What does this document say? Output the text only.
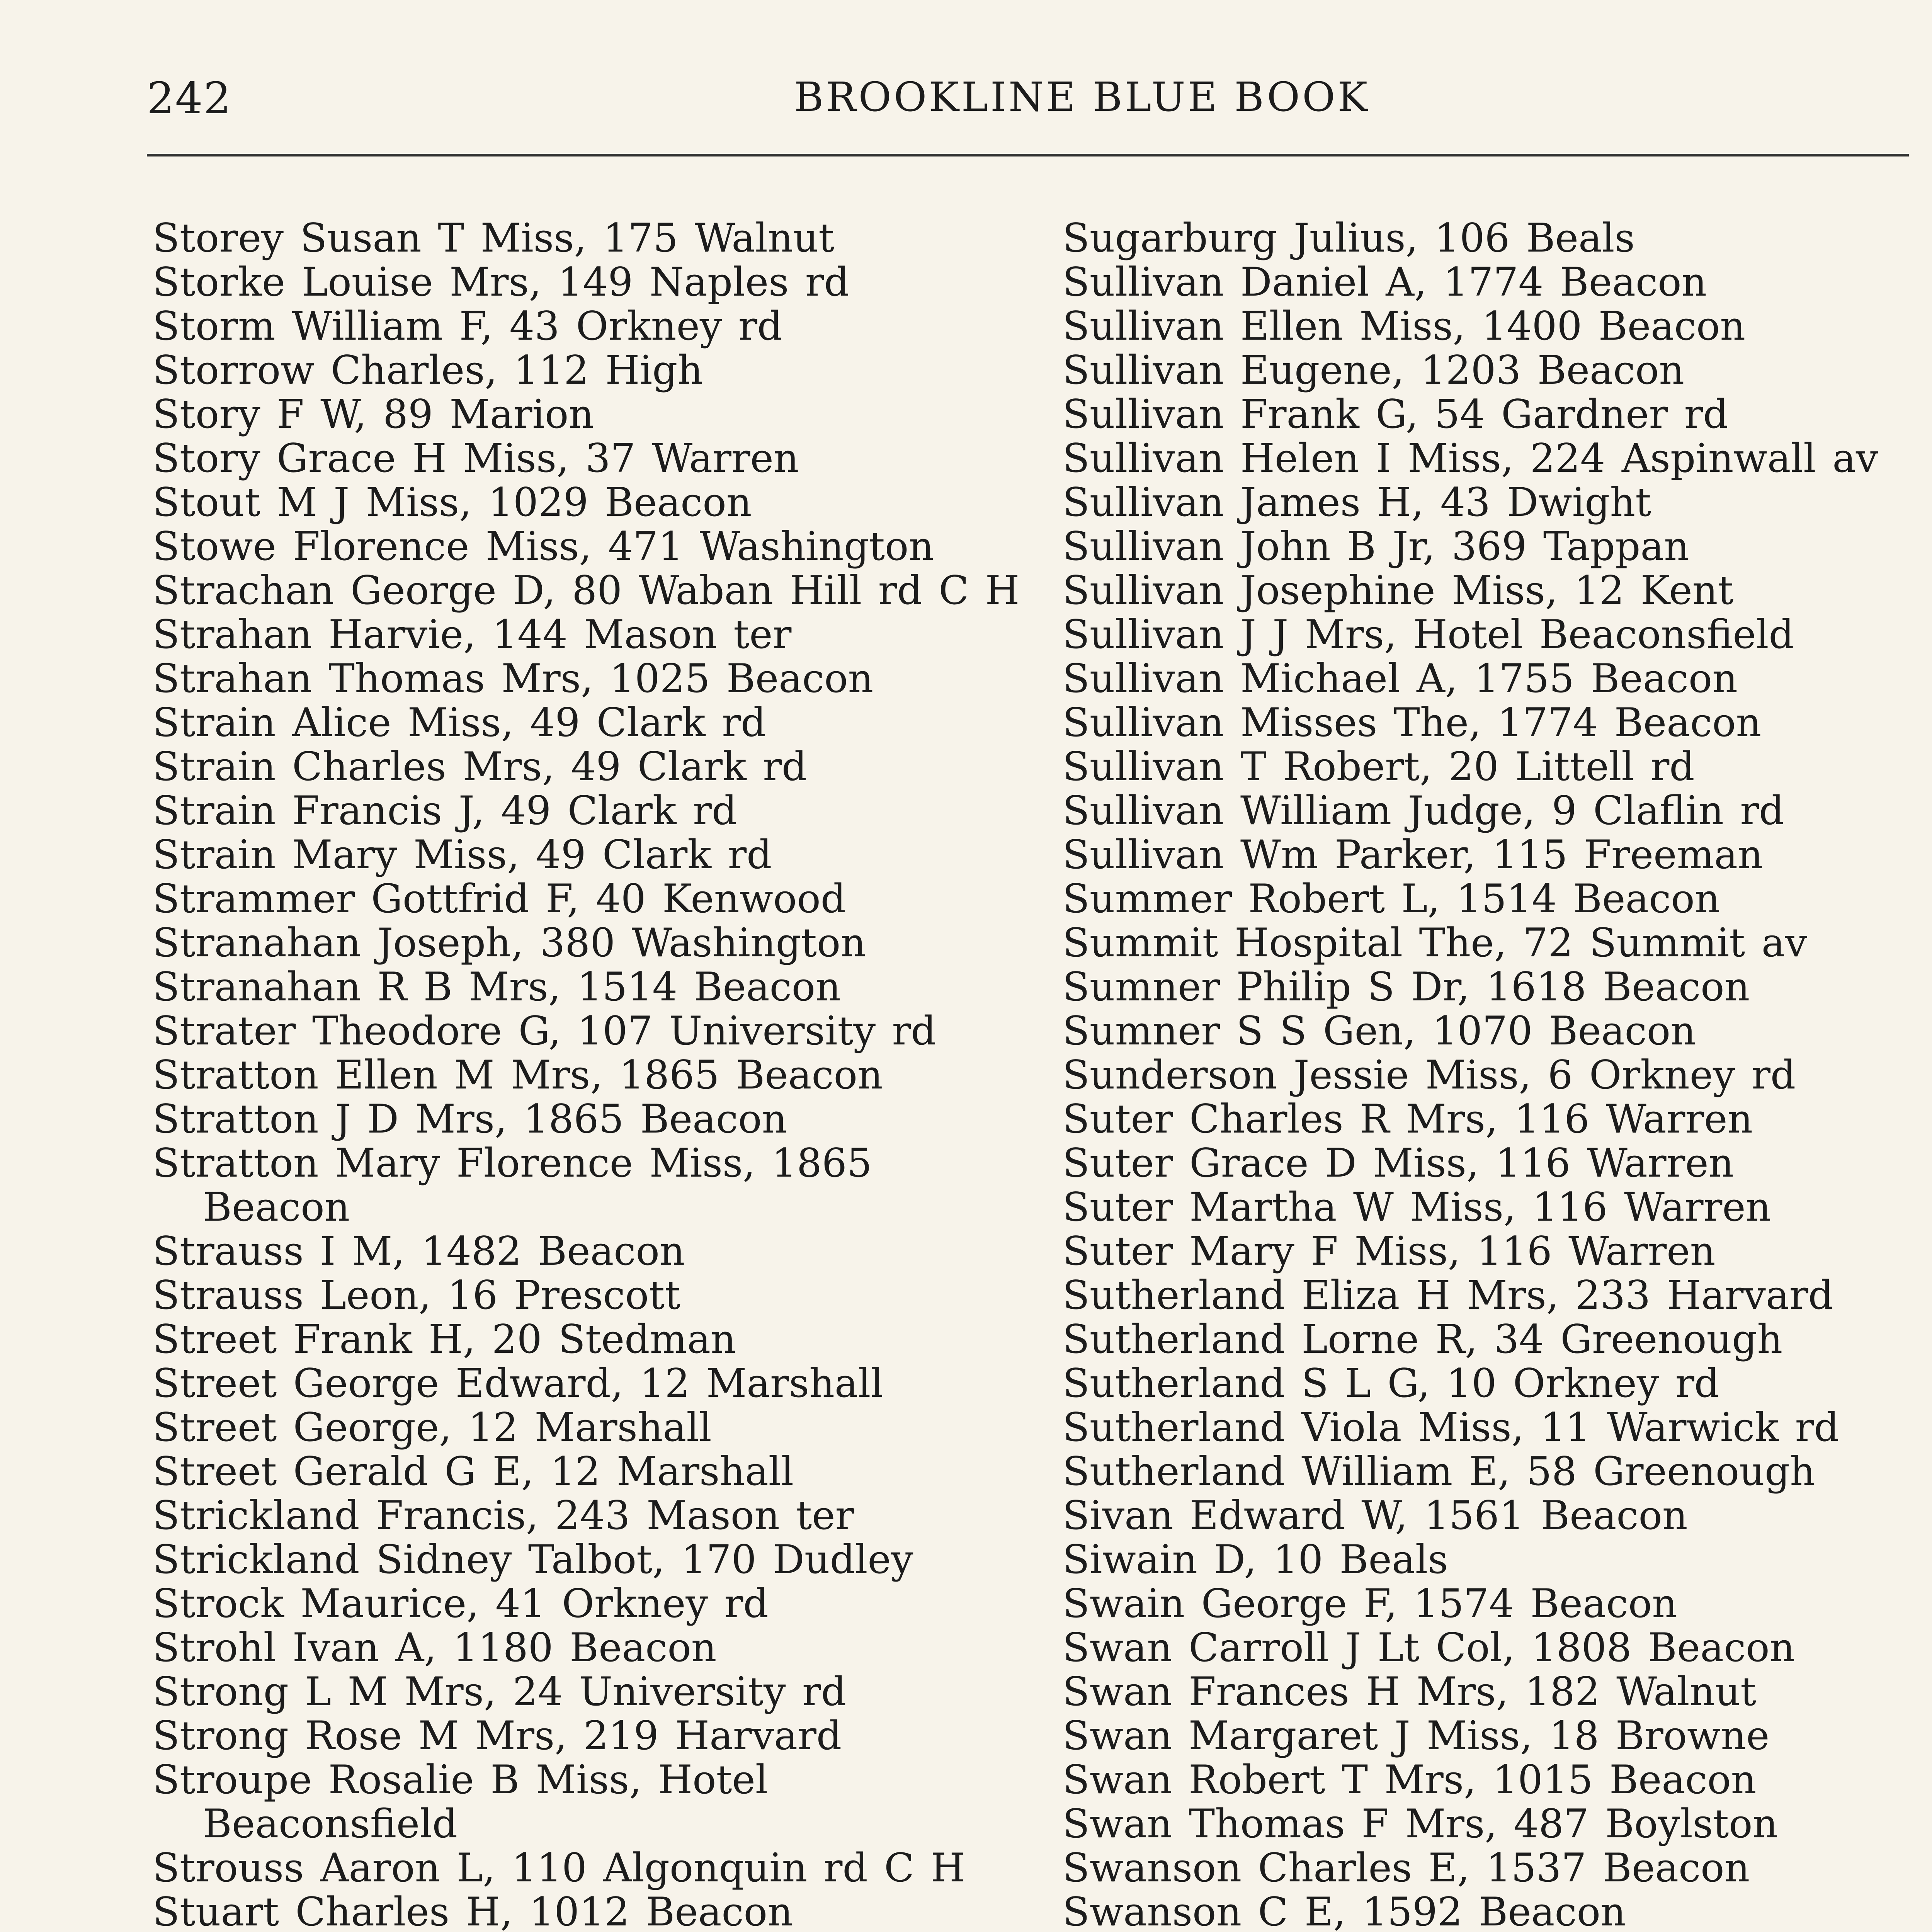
242	BROOKLINE BLUE BOOK
Storey Susan T Miss, 175 Walnut
Storke Louise Mrs, 149 Naples rd
Storm William F, 43 Orkney rd
Storrow Charles, 112 High
Story F W, 89 Marion
Story Grace H Miss, 37 Warren
Stout M J Miss, 1029 Beacon
Stowe Florence Miss, 471 Washington
Strachan George D, 80 Waban Hill rd C H
Strahan Harvie, 144 Mason ter
Strahan Thomas Mrs, 1025 Beacon
Strain Alice Miss, 49 Clark rd
Strain Charles Mrs, 49 Clark rd
Strain Francis J, 49 Clark rd
Strain Mary Miss, 49 Clark rd
Strammer Gottfrid F, 40 Kenwood
Stranahan Joseph, 380 Washington
Stranahan R B Mrs, 1514 Beacon
Strater Theodore G, 107 University rd
Stratton Ellen M Mrs, 1865 Beacon
Stratton J D Mrs, 1865 Beacon
Stratton Mary Florence Miss, 1865 Beacon
Strauss I M, 1482 Beacon
Strauss Leon, 16 Prescott
Street Frank H, 20 Stedman
Street George Edward, 12 Marshall
Street George, 12 Marshall
Street Gerald G E, 12 Marshall
Strickland Francis, 243 Mason ter
Strickland Sidney Talbot, 170 Dudley
Strock Maurice, 41 Orkney rd
Strohl Ivan A, 1180 Beacon
Strong L M Mrs, 24 University rd
Strong Rose M Mrs, 219 Harvard
Stroupe Rosalie B Miss, Hotel Beaconsfield
Strouss Aaron L, 110 Algonquin rd C H
Stuart Charles H, 1012 Beacon
Sugarburg Julius, 106 Beals
Sullivan Daniel A, 1774 Beacon
Sullivan Ellen Miss, 1400 Beacon
Sullivan Eugene, 1203 Beacon
Sullivan Frank G, 54 Gardner rd
Sullivan Helen I Miss, 224 Aspinwall av
Sullivan James H, 43 Dwight
Sullivan John B Jr, 369 Tappan
Sullivan Josephine Miss, 12 Kent
Sullivan J J Mrs, Hotel Beaconsfield
Sullivan Michael A, 1755 Beacon
Sullivan Misses The, 1774 Beacon
Sullivan T Robert, 20 Littell rd
Sullivan William Judge, 9 Claflin rd
Sullivan Wm Parker, 115 Freeman
Summer Robert L, 1514 Beacon
Summit Hospital The, 72 Summit av
Sumner Philip S Dr, 1618 Beacon
Sumner S S Gen, 1070 Beacon
Sunderson Jessie Miss, 6 Orkney rd
Suter Charles R Mrs, 116 Warren
Suter Grace D Miss, 116 Warren
Suter Martha W Miss, 116 Warren
Suter Mary F Miss, 116 Warren
Sutherland Eliza H Mrs, 233 Harvard
Sutherland Lorne R, 34 Greenough
Sutherland S L G, 10 Orkney rd
Sutherland Viola Miss, 11 Warwick rd
Sutherland William E, 58 Greenough
Sivan Edward W, 1561 Beacon
Siwain D, 10 Beals
Swain George F, 1574 Beacon
Swan Carroll J Lt Col, 1808 Beacon
Swan Frances H Mrs, 182 Walnut
Swan Margaret J Miss, 18 Browne
Swan Robert T Mrs, 1015 Beacon
Swan Thomas F Mrs, 487 Boylston
Swanson Charles E, 1537 Beacon
Swanson C E, 1592 Beacon
